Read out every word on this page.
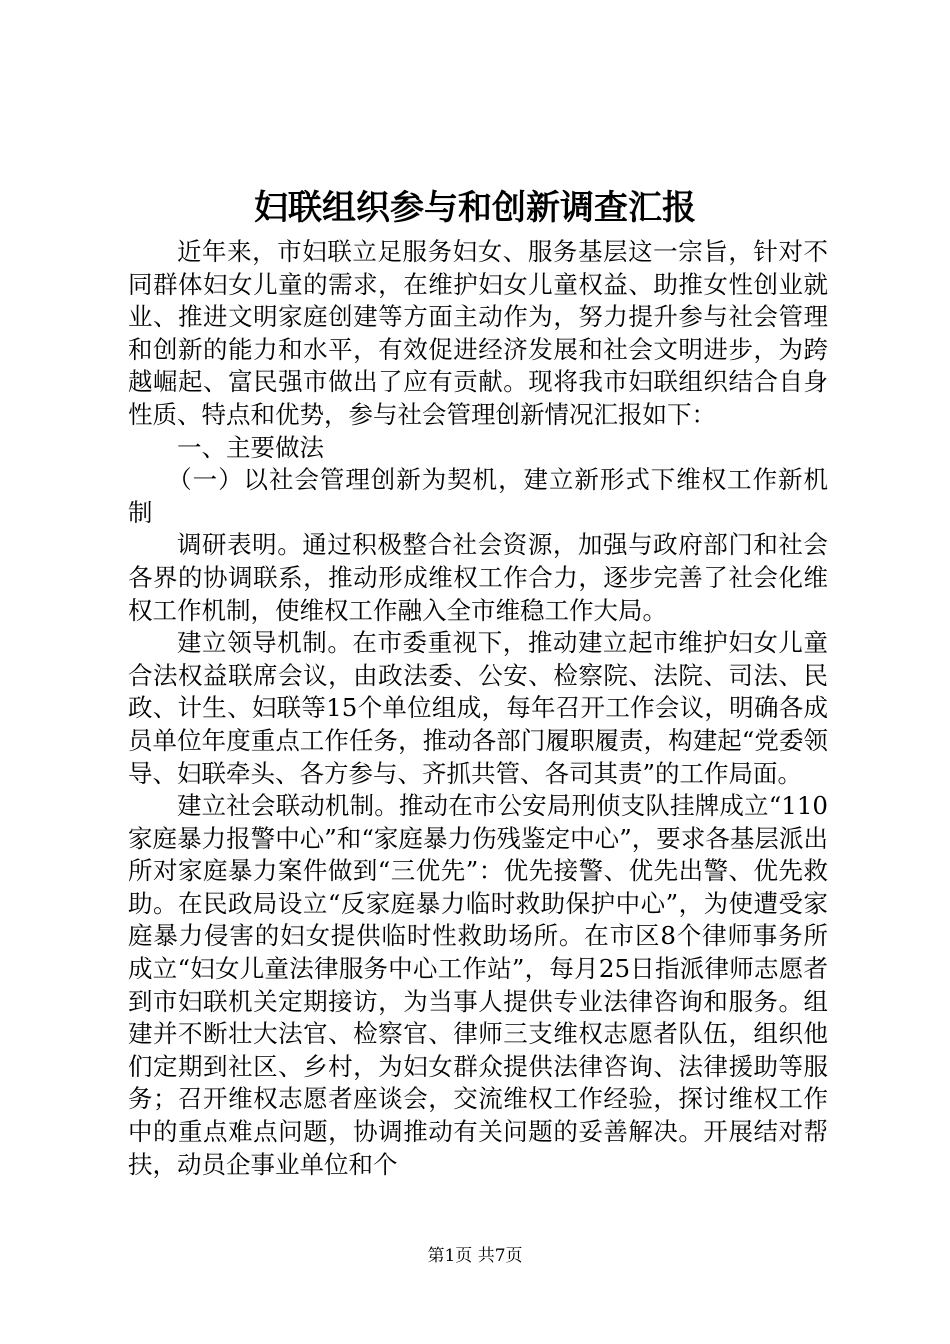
妇联组织参与和创新调查汇报

近年来，市妇联立足服务妇女、服务基层这一宗旨，针对不同群体妇女儿童的需求，在维护妇女儿童权益、助推女性创业就业、推进文明家庭创建等方面主动作为，努力提升参与社会管理和创新的能力和水平，有效促进经济发展和社会文明进步，为跨越崛起、富民强市做出了应有贡献。现将我市妇联组织结合自身性质、特点和优势，参与社会管理创新情况汇报如下：

一、主要做法

（一）以社会管理创新为契机，建立新形式下维权工作新机制

调研表明。通过积极整合社会资源，加强与政府部门和社会各界的协调联系，推动形成维权工作合力，逐步完善了社会化维权工作机制，使维权工作融入全市维稳工作大局。

建立领导机制。在市委重视下，推动建立起市维护妇女儿童合法权益联席会议，由政法委、公安、检察院、法院、司法、民政、计生、妇联等15个单位组成，每年召开工作会议，明确各成员单位年度重点工作任务，推动各部门履职履责，构建起“党委领导、妇联牵头、各方参与、齐抓共管、各司其责”的工作局面。

建立社会联动机制。推动在市公安局刑侦支队挂牌成立“110家庭暴力报警中心”和“家庭暴力伤残鉴定中心”，要求各基层派出所对家庭暴力案件做到“三优先”：优先接警、优先出警、优先救助。在民政局设立“反家庭暴力临时救助保护中心”，为使遭受家庭暴力侵害的妇女提供临时性救助场所。在市区8个律师事务所成立“妇女儿童法律服务中心工作站”，每月25日指派律师志愿者到市妇联机关定期接访，为当事人提供专业法律咨询和服务。组建并不断壮大法官、检察官、律师三支维权志愿者队伍，组织他们定期到社区、乡村，为妇女群众提供法律咨询、法律援助等服务；召开维权志愿者座谈会，交流维权工作经验，探讨维权工作中的重点难点问题，协调推动有关问题的妥善解决。开展结对帮扶，动员企事业单位和个

第1页 共7页
